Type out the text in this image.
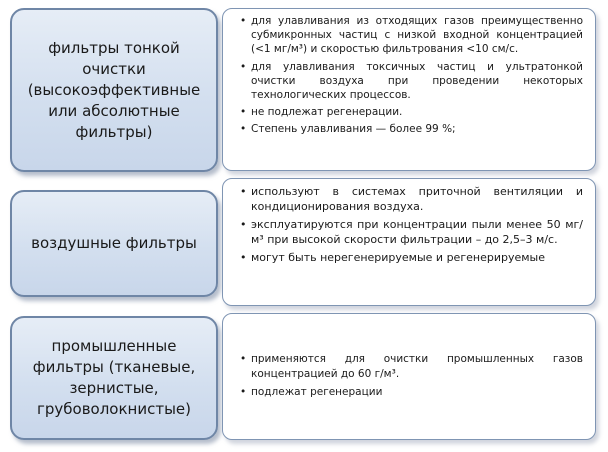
фильтры тонкой очистки (высокоэффективные или абсолютные фильтры)
• для улавливания из отходящих газов преимущественно субмикронных частиц с низкой входной концентрацией (<1 мг/м³) и скоростью фильтрования <10 см/с.
• для улавливания токсичных частиц и ультратонкой очистки воздуха при проведении некоторых технологических процессов.
• не подлежат регенерации.
• Степень улавливания — более 99 %;
воздушные фильтры
• используют в системах приточной вентиляции и кондиционирования воздуха.
• эксплуатируются при концентрации пыли менее 50 мг/м³ при высокой скорости фильтрации – до 2,5–3 м/с.
• могут быть нерегенерируемые и регенерируемые
промышленные фильтры (тканевые, зернистые, грубоволокнистые)
• применяются для очистки промышленных газов концентрацией до 60 г/м³.
• подлежат регенерации
